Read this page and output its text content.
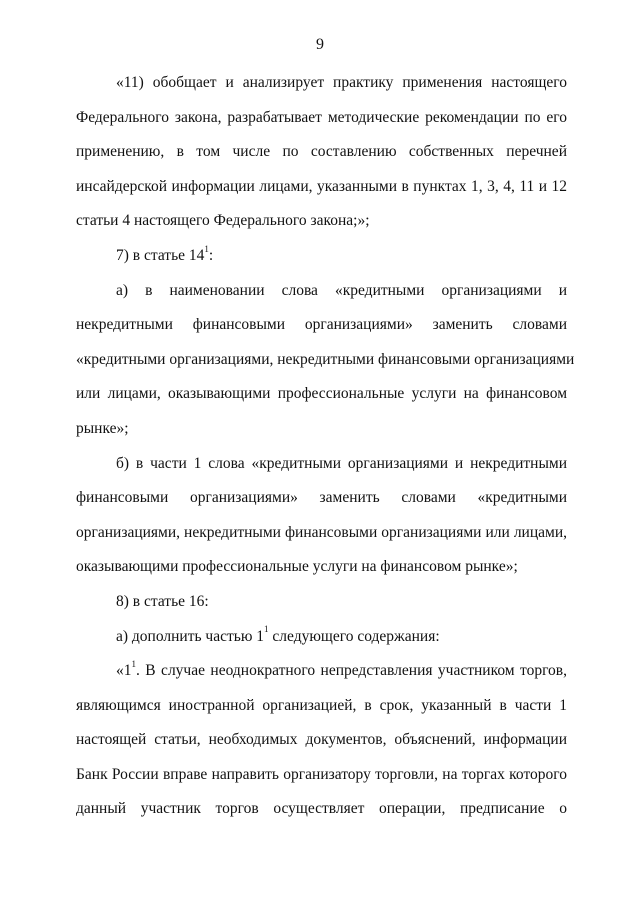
9
«11) обобщает и анализирует практику применения настоящего
Федерального закона, разрабатывает методические рекомендации по его
применению, в том числе по составлению собственных перечней
инсайдерской информации лицами, указанными в пунктах 1, 3, 4, 11 и 12
статьи 4 настоящего Федерального закона;»;
7) в статье $14^1$:
а) в наименовании слова «кредитными организациями и
некредитными финансовыми организациями» заменить словами
«кредитными организациями, некредитными финансовыми организациями
или лицами, оказывающими профессиональные услуги на финансовом
рынке»;
б) в части 1 слова «кредитными организациями и некредитными
финансовыми организациями» заменить словами «кредитными
организациями, некредитными финансовыми организациями или лицами,
оказывающими профессиональные услуги на финансовом рынке»;
8) в статье 16:
а) дополнить частью $1^1$ следующего содержания:
«$1^1$. В случае неоднократного непредставления участником торгов,
являющимся иностранной организацией, в срок, указанный в части 1
настоящей статьи, необходимых документов, объяснений, информации
Банк России вправе направить организатору торговли, на торгах которого
данный участник торгов осуществляет операции, предписание о
